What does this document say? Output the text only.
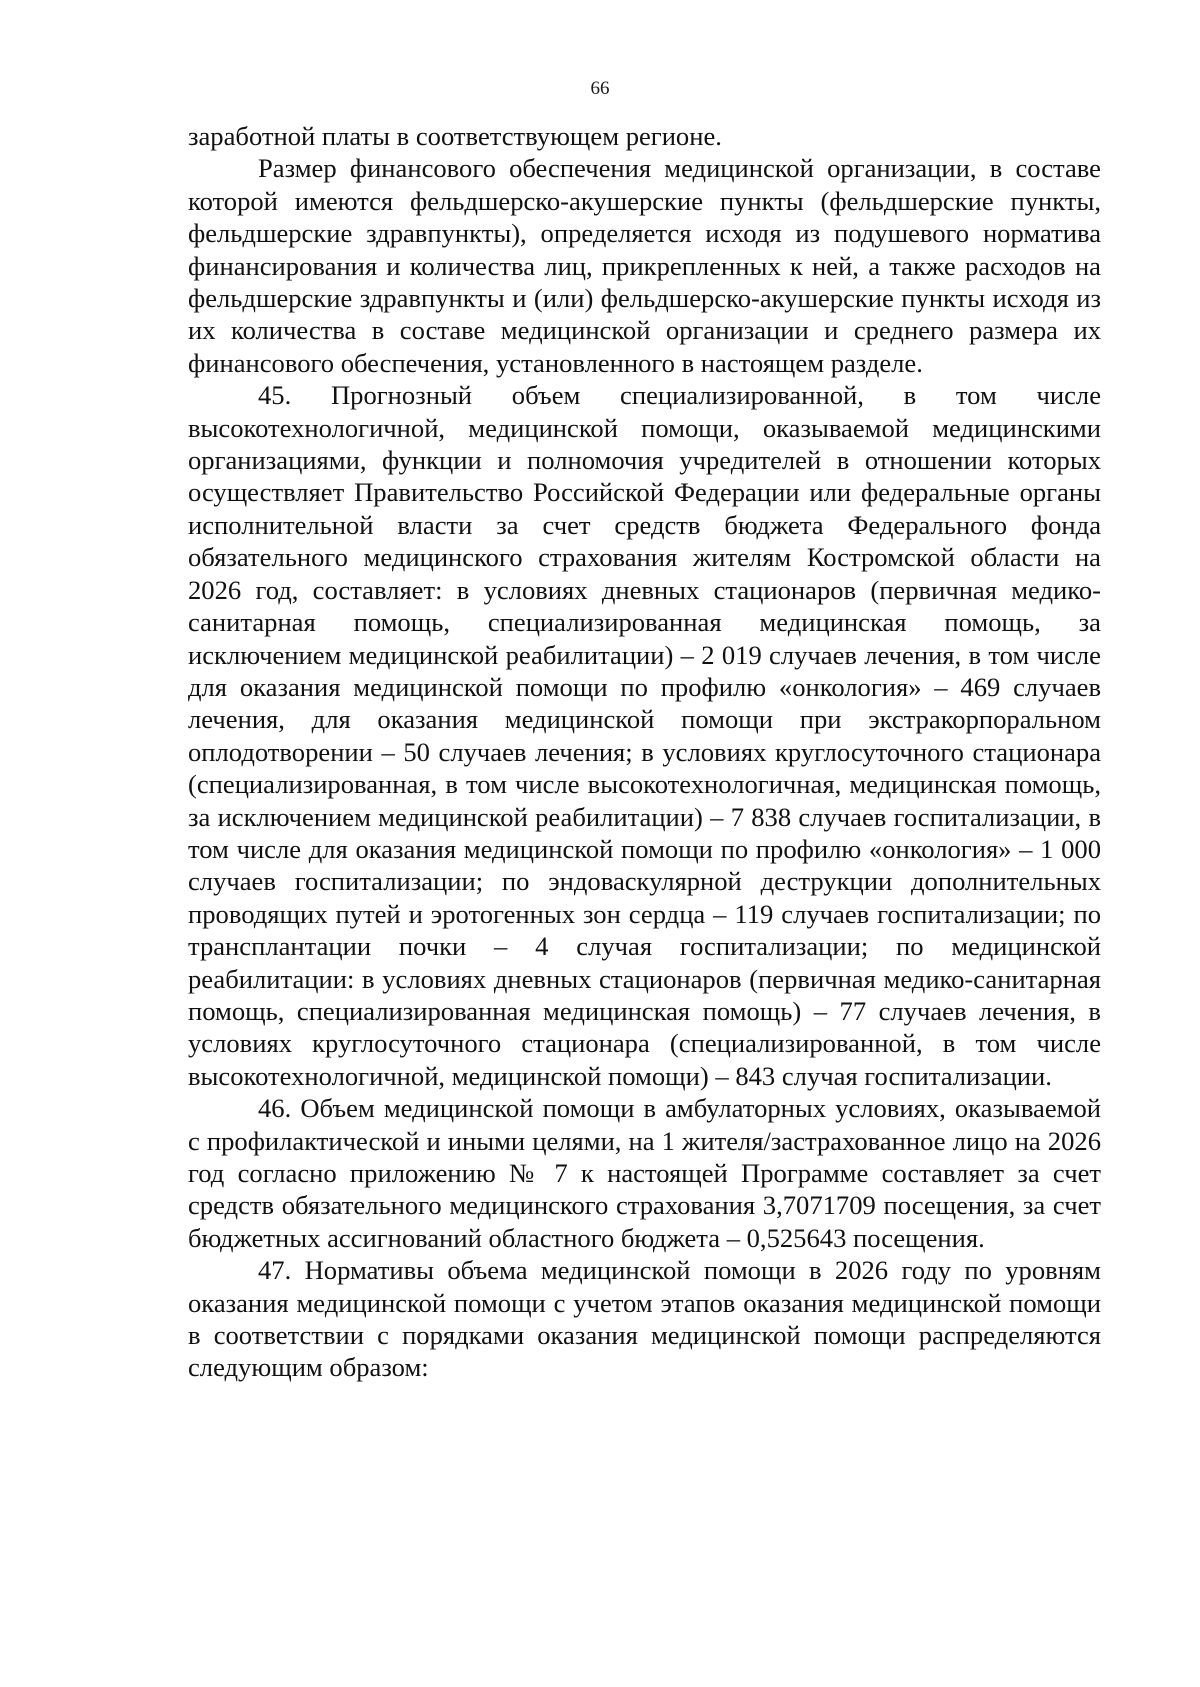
66

заработной платы в соответствующем регионе.

Размер финансового обеспечения медицинской организации, в составе которой имеются фельдшерско-акушерские пункты (фельдшерские пункты, фельдшерские здравпункты), определяется исходя из подушевого норматива финансирования и количества лиц, прикрепленных к ней, а также расходов на фельдшерские здравпункты и (или) фельдшерско-акушерские пункты исходя из их количества в составе медицинской организации и среднего размера их финансового обеспечения, установленного в настоящем разделе.

45. Прогнозный объем специализированной, в том числе высокотехнологичной, медицинской помощи, оказываемой медицинскими организациями, функции и полномочия учредителей в отношении которых осуществляет Правительство Российской Федерации или федеральные органы исполнительной власти за счет средств бюджета Федерального фонда обязательного медицинского страхования жителям Костромской области на 2026 год, составляет: в условиях дневных стационаров (первичная медико-санитарная помощь, специализированная медицинская помощь, за исключением медицинской реабилитации) – 2 019 случаев лечения, в том числе для оказания медицинской помощи по профилю «онкология» – 469 случаев лечения, для оказания медицинской помощи при экстракорпоральном оплодотворении – 50 случаев лечения; в условиях круглосуточного стационара (специализированная, в том числе высокотехнологичная, медицинская помощь, за исключением медицинской реабилитации) – 7 838 случаев госпитализации, в том числе для оказания медицинской помощи по профилю «онкология» – 1 000 случаев госпитализации; по эндоваскулярной деструкции дополнительных проводящих путей и эротогенных зон сердца – 119 случаев госпитализации; по трансплантации почки – 4 случая госпитализации; по медицинской реабилитации: в условиях дневных стационаров (первичная медико-санитарная помощь, специализированная медицинская помощь) – 77 случаев лечения, в условиях круглосуточного стационара (специализированной, в том числе высокотехнологичной, медицинской помощи) – 843 случая госпитализации.

46. Объем медицинской помощи в амбулаторных условиях, оказываемой с профилактической и иными целями, на 1 жителя/застрахованное лицо на 2026 год согласно приложению № 7 к настоящей Программе составляет за счет средств обязательного медицинского страхования 3,7071709 посещения, за счет бюджетных ассигнований областного бюджета – 0,525643 посещения.

47. Нормативы объема медицинской помощи в 2026 году по уровням оказания медицинской помощи с учетом этапов оказания медицинской помощи в соответствии с порядками оказания медицинской помощи распределяются следующим образом:
